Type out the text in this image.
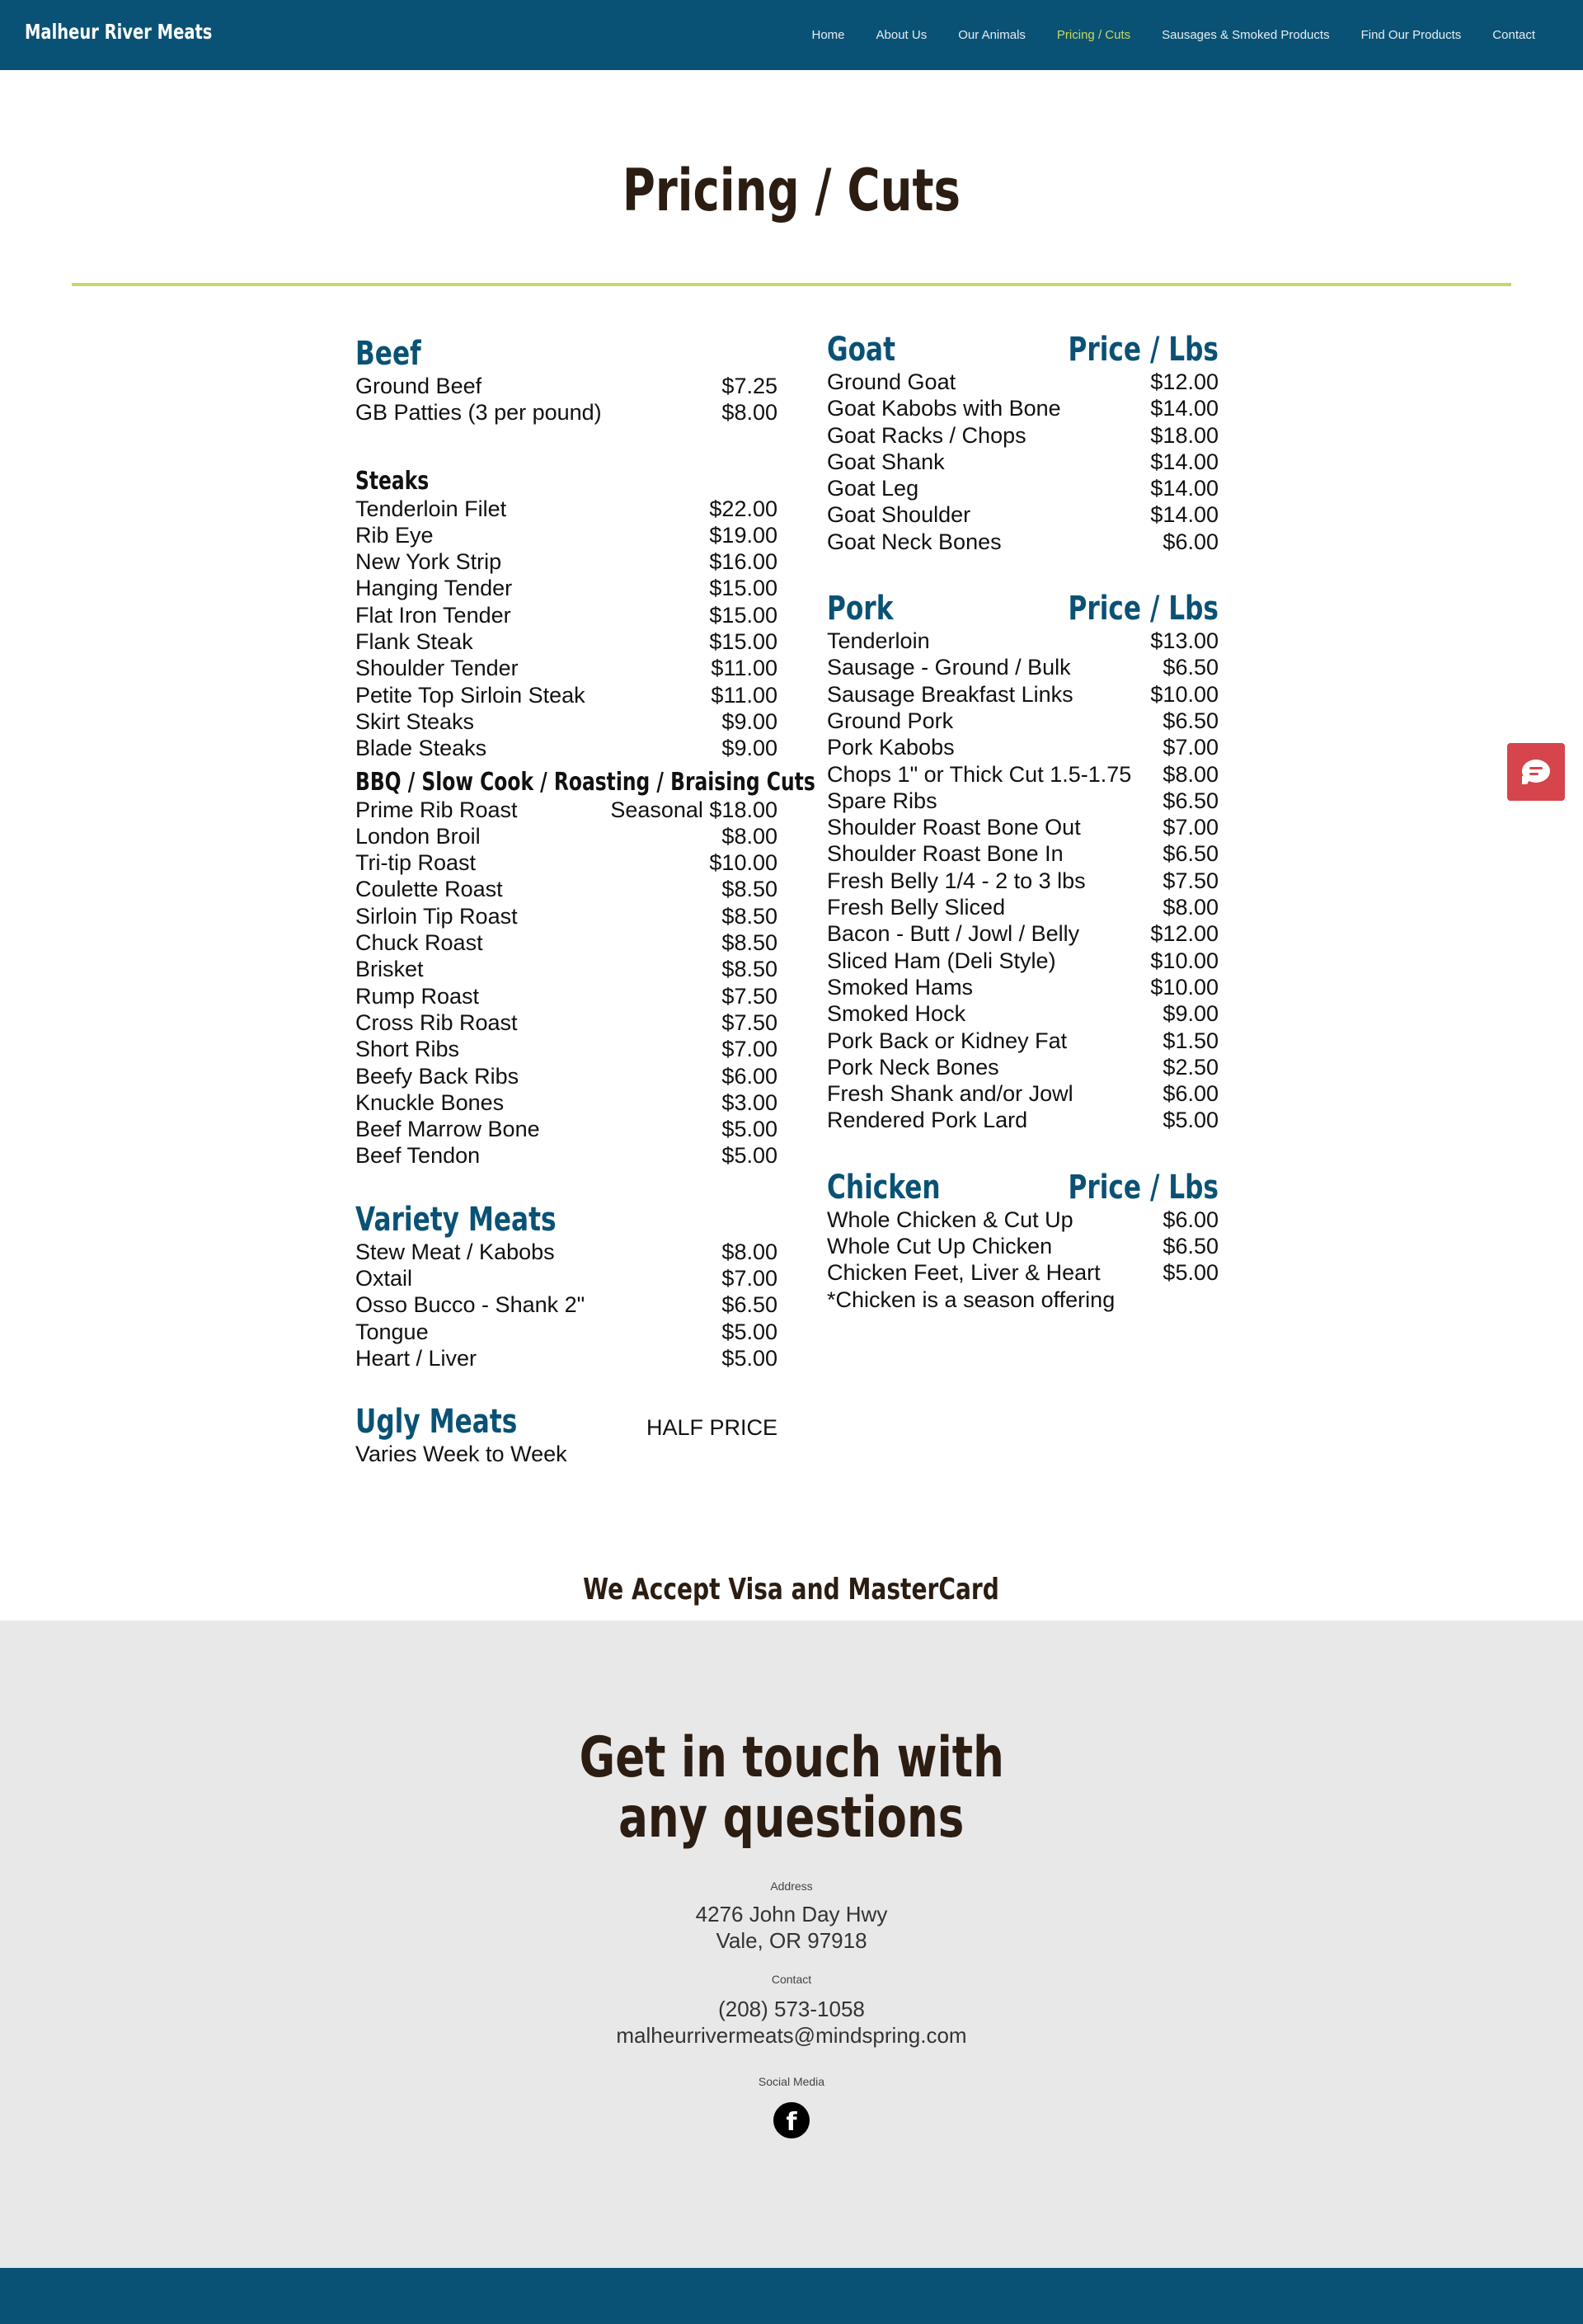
Malheur River Meats	Home	About Us	Our Animals	Pricing / Cuts	Sausages & Smoked Products	Find Our Products	Contact
Pricing / Cuts
Beef
Ground Beef	$7.25
GB Patties (3 per pound)	$8.00
Steaks
Tenderloin Filet	$22.00
Rib Eye	$19.00
New York Strip	$16.00
Hanging Tender	$15.00
Flat Iron Tender	$15.00
Flank Steak	$15.00
Shoulder Tender	$11.00
Petite Top Sirloin Steak	$11.00
Skirt Steaks	$9.00
Blade Steaks	$9.00
BBQ / Slow Cook / Roasting / Braising Cuts
Prime Rib Roast	Seasonal $18.00
London Broil	$8.00
Tri-tip Roast	$10.00
Coulette Roast	$8.50
Sirloin Tip Roast	$8.50
Chuck Roast	$8.50
Brisket	$8.50
Rump Roast	$7.50
Cross Rib Roast	$7.50
Short Ribs	$7.00
Beefy Back Ribs	$6.00
Knuckle Bones	$3.00
Beef Marrow Bone	$5.00
Beef Tendon	$5.00
Variety Meats
Stew Meat / Kabobs	$8.00
Oxtail	$7.00
Osso Bucco - Shank 2"	$6.50
Tongue	$5.00
Heart / Liver	$5.00
Ugly Meats	HALF PRICE
Varies Week to Week
Goat	Price / Lbs
Ground Goat	$12.00
Goat Kabobs with Bone	$14.00
Goat Racks / Chops	$18.00
Goat Shank	$14.00
Goat Leg	$14.00
Goat Shoulder	$14.00
Goat Neck Bones	$6.00
Pork	Price / Lbs
Tenderloin	$13.00
Sausage - Ground / Bulk	$6.50
Sausage Breakfast Links	$10.00
Ground Pork	$6.50
Pork Kabobs	$7.00
Chops 1" or Thick Cut 1.5-1.75 $8.00
Spare Ribs	$6.50
Shoulder Roast Bone Out	$7.00
Shoulder Roast Bone In	$6.50
Fresh Belly 1/4 - 2 to 3 lbs	$7.50
Fresh Belly Sliced	$8.00
Bacon - Butt / Jowl / Belly	$12.00
Sliced Ham (Deli Style)	$10.00
Smoked Hams	$10.00
Smoked Hock	$9.00
Pork Back or Kidney Fat	$1.50
Pork Neck Bones	$2.50
Fresh Shank and/or Jowl	$6.00
Rendered Pork Lard	$5.00
Chicken	Price / Lbs
Whole Chicken & Cut Up	$6.00
Whole Cut Up Chicken	$6.50
Chicken Feet, Liver & Heart	$5.00
*Chicken is a season offering
We Accept Visa and MasterCard
Get in touch with
any questions
Address
4276 John Day Hwy
Vale, OR 97918
Contact
(208) 573-1058
malheurrivermeats@mindspring.com
Social Media
f
